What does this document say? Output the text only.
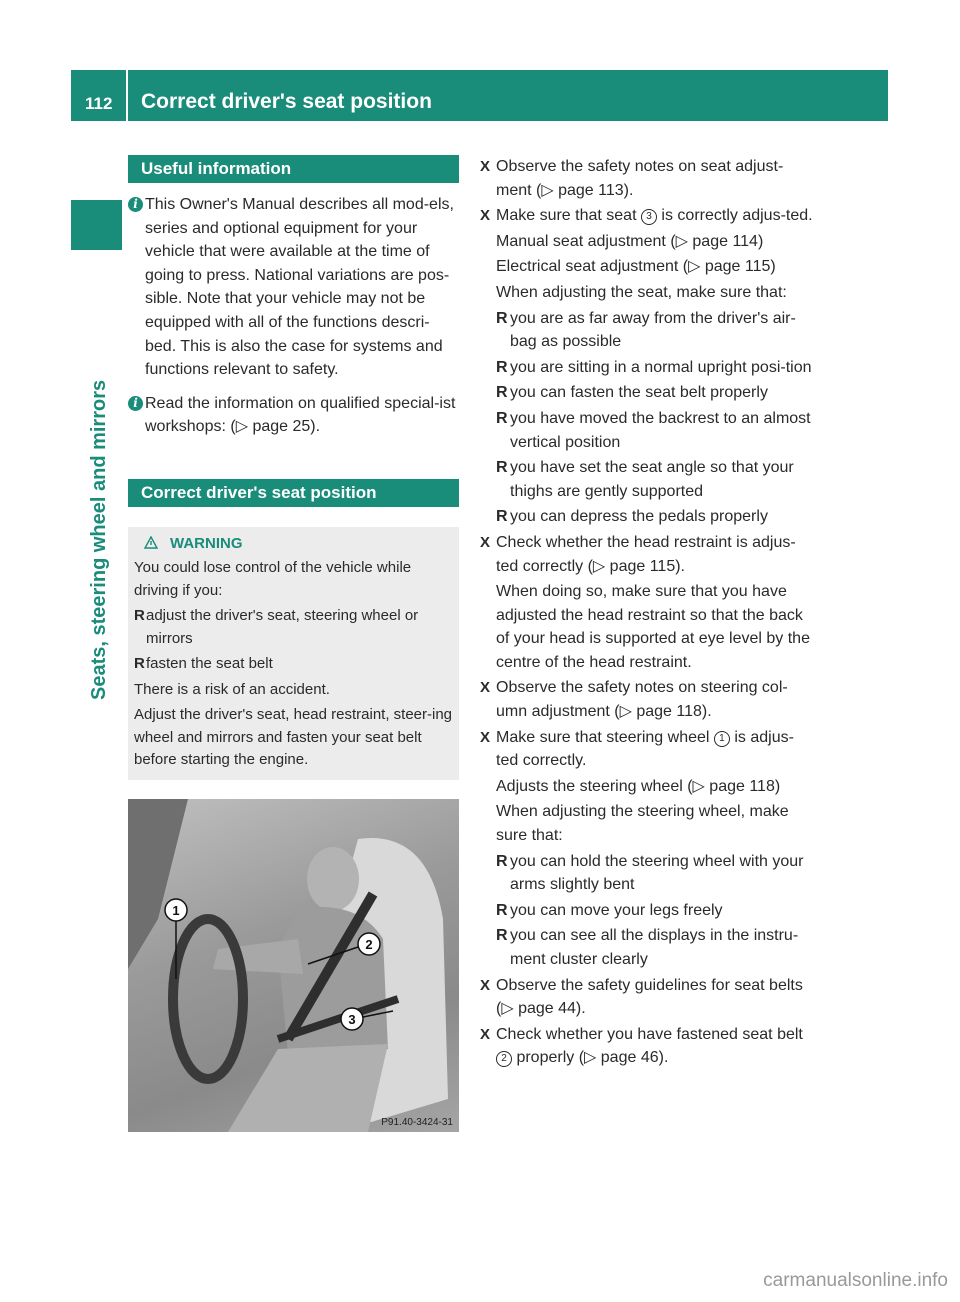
112 Correct driver's seat position
Seats, steering wheel and mirrors
Useful information
i This Owner's Manual describes all mod-els, series and optional equipment for your vehicle that were available at the time of going to press. National variations are pos-sible. Note that your vehicle may not be equipped with all of the functions descri-bed. This is also the case for systems and functions relevant to safety.
i Read the information on qualified special-ist workshops: (▷ page 25).
Correct driver's seat position
WARNING
You could lose control of the vehicle while driving if you:
R adjust the driver's seat, steering wheel or mirrors
R fasten the seat belt
There is a risk of an accident.
Adjust the driver's seat, head restraint, steer-ing wheel and mirrors and fasten your seat belt before starting the engine.
1
2
3
P91.40-3424-31
X Observe the safety notes on seat adjust-ment (▷ page 113).
X Make sure that seat 3 is correctly adjus-ted.
Manual seat adjustment (▷ page 114)
Electrical seat adjustment (▷ page 115)
When adjusting the seat, make sure that:
R you are as far away from the driver's air-bag as possible
R you are sitting in a normal upright posi-tion
R you can fasten the seat belt properly
R you have moved the backrest to an almost vertical position
R you have set the seat angle so that your thighs are gently supported
R you can depress the pedals properly
X Check whether the head restraint is adjus-ted correctly (▷ page 115).
When doing so, make sure that you have adjusted the head restraint so that the back of your head is supported at eye level by the centre of the head restraint.
X Observe the safety notes on steering col-umn adjustment (▷ page 118).
X Make sure that steering wheel 1 is adjus-ted correctly.
Adjusts the steering wheel (▷ page 118)
When adjusting the steering wheel, make sure that:
R you can hold the steering wheel with your arms slightly bent
R you can move your legs freely
R you can see all the displays in the instru-ment cluster clearly
X Observe the safety guidelines for seat belts (▷ page 44).
X Check whether you have fastened seat belt 2 properly (▷ page 46).
carmanualsonline.info
